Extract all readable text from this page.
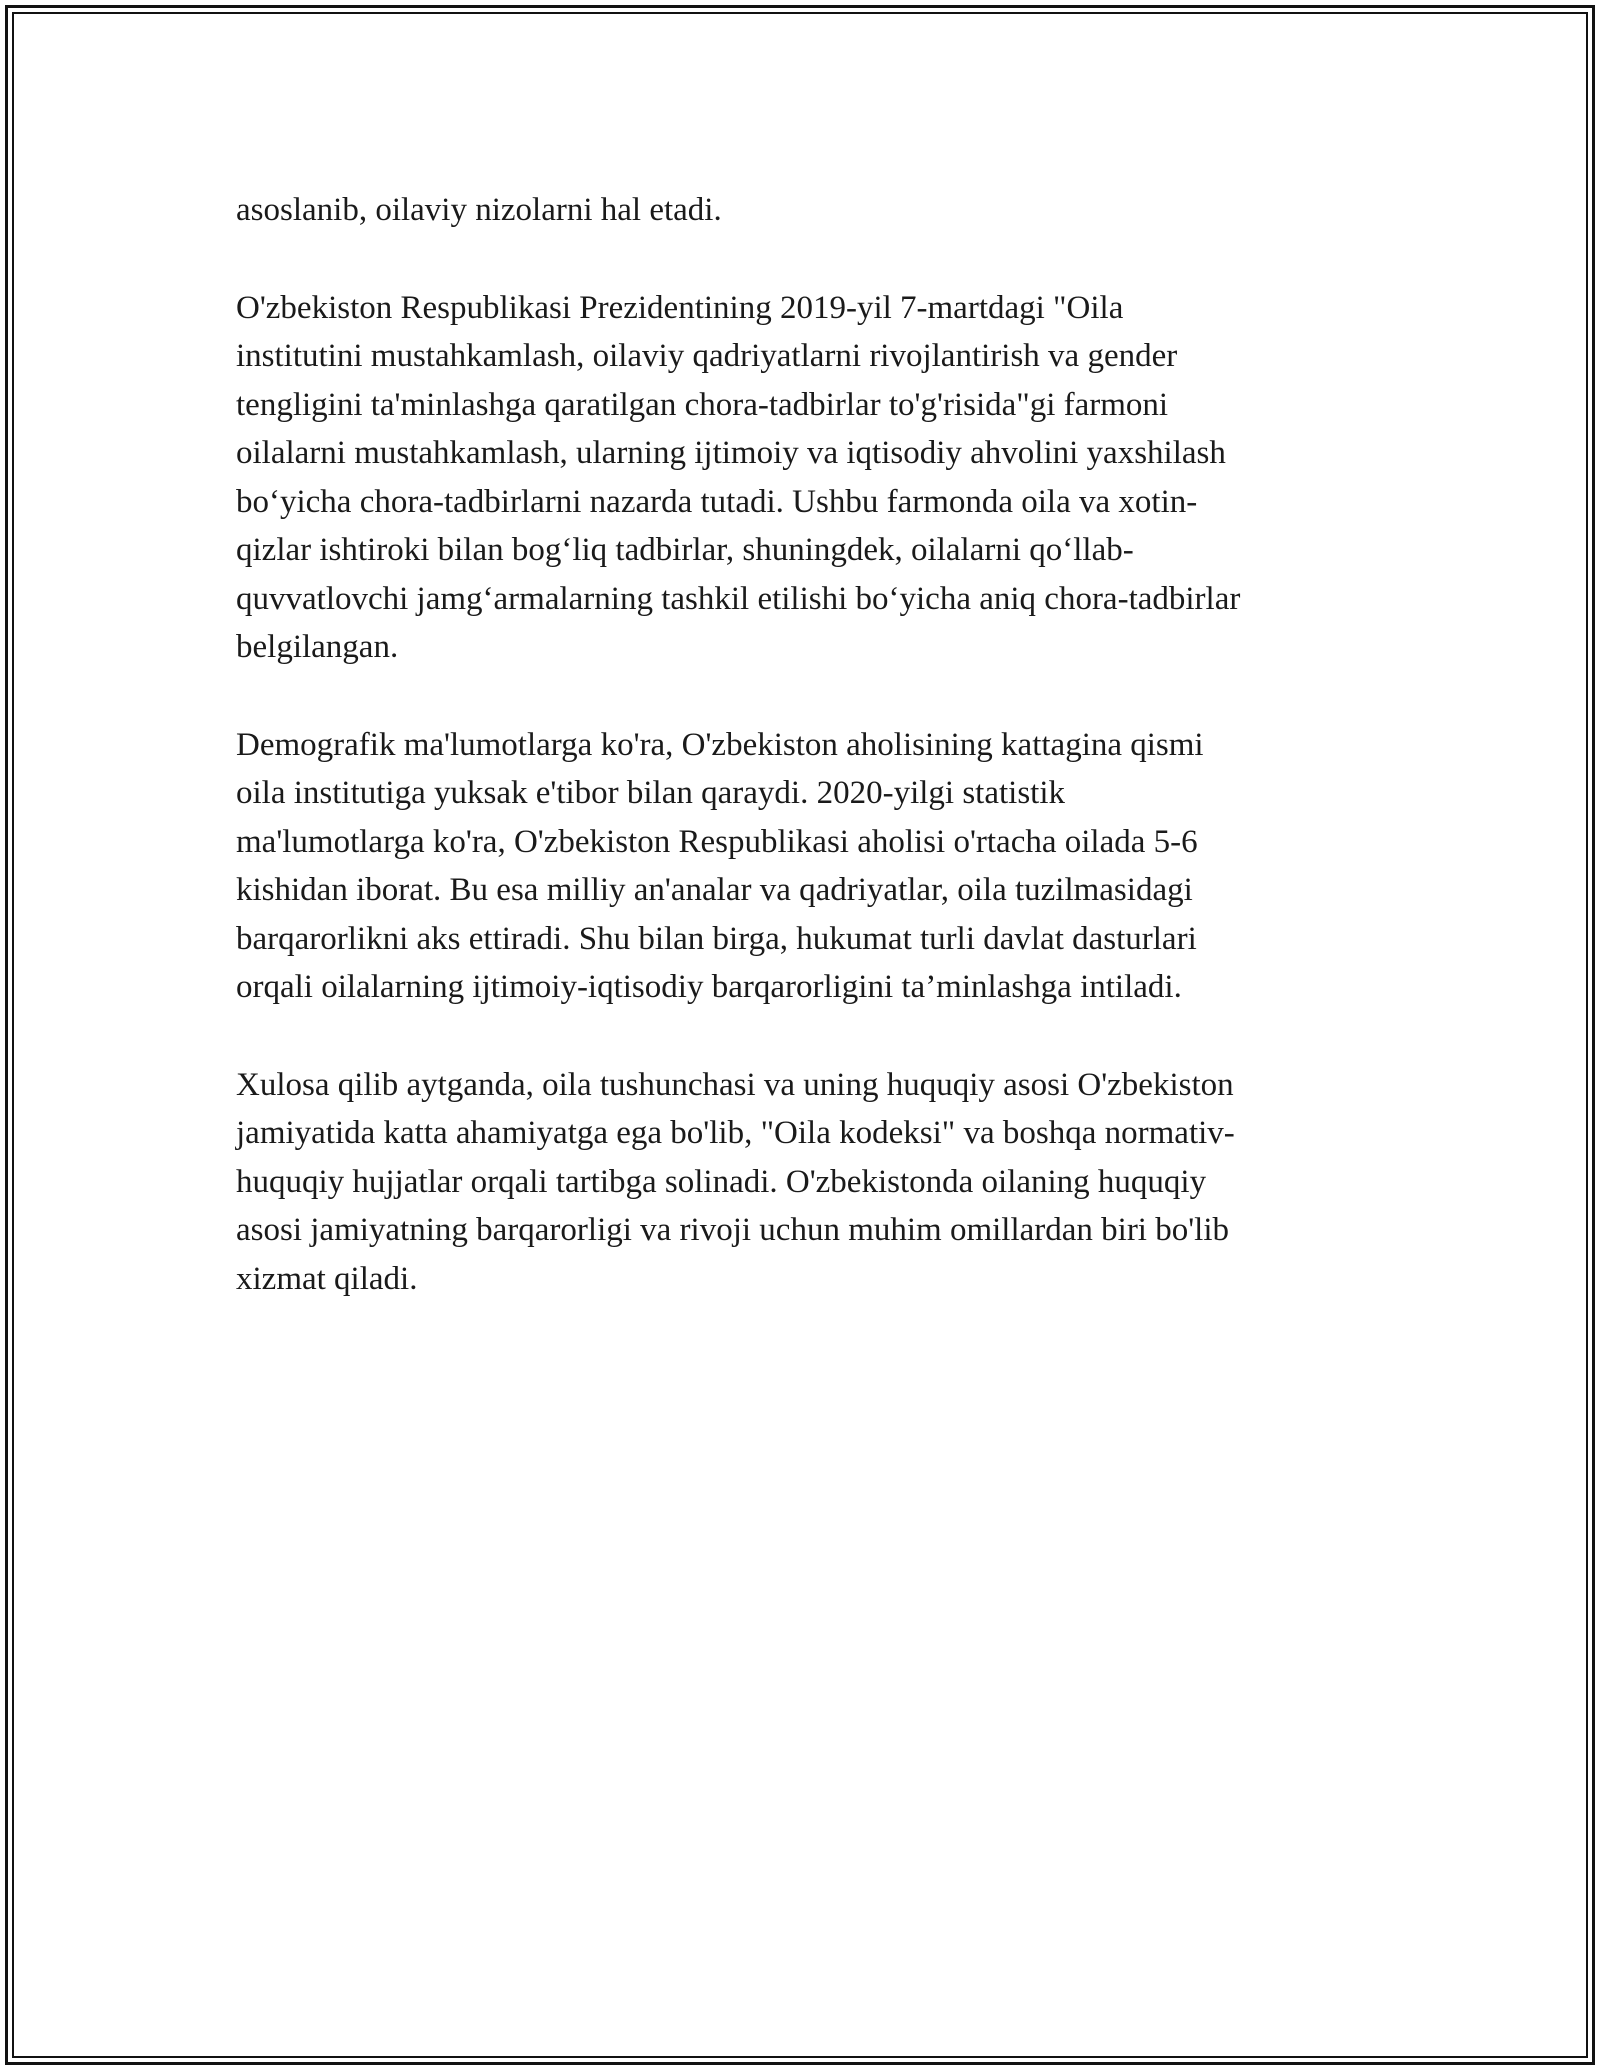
asoslanib, oilaviy nizolarni hal etadi.

O'zbekiston Respublikasi Prezidentining 2019-yil 7-martdagi "Oila
institutini mustahkamlash, oilaviy qadriyatlarni rivojlantirish va gender
tengligini ta'minlashga qaratilgan chora-tadbirlar to'g'risida"gi farmoni
oilalarni mustahkamlash, ularning ijtimoiy va iqtisodiy ahvolini yaxshilash
bo‘yicha chora-tadbirlarni nazarda tutadi. Ushbu farmonda oila va xotin-
qizlar ishtiroki bilan bog‘liq tadbirlar, shuningdek, oilalarni qo‘llab-
quvvatlovchi jamg‘armalarning tashkil etilishi bo‘yicha aniq chora-tadbirlar
belgilangan.

Demografik ma'lumotlarga ko'ra, O'zbekiston aholisining kattagina qismi
oila institutiga yuksak e'tibor bilan qaraydi. 2020-yilgi statistik
ma'lumotlarga ko'ra, O'zbekiston Respublikasi aholisi o'rtacha oilada 5-6
kishidan iborat. Bu esa milliy an'analar va qadriyatlar, oila tuzilmasidagi
barqarorlikni aks ettiradi. Shu bilan birga, hukumat turli davlat dasturlari
orqali oilalarning ijtimoiy-iqtisodiy barqarorligini ta’minlashga intiladi.

Xulosa qilib aytganda, oila tushunchasi va uning huquqiy asosi O'zbekiston
jamiyatida katta ahamiyatga ega bo'lib, "Oila kodeksi" va boshqa normativ-
huquqiy hujjatlar orqali tartibga solinadi. O'zbekistonda oilaning huquqiy
asosi jamiyatning barqarorligi va rivoji uchun muhim omillardan biri bo'lib
xizmat qiladi.
